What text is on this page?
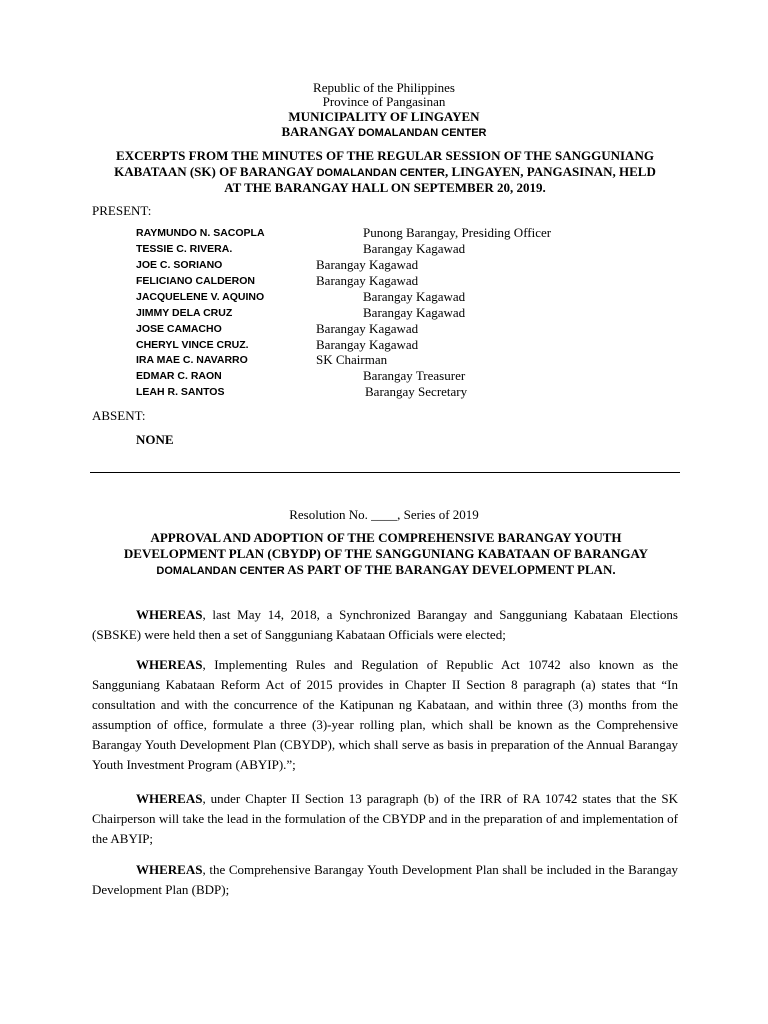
Republic of the Philippines
Province of Pangasinan
MUNICIPALITY OF LINGAYEN
BARANGAY DOMALANDAN CENTER
EXCERPTS FROM THE MINUTES OF THE REGULAR SESSION OF THE SANGGUNIANG
KABATAAN (SK) OF BARANGAY DOMALANDAN CENTER, LINGAYEN, PANGASINAN, HELD
AT THE BARANGAY HALL ON SEPTEMBER 20, 2019.
PRESENT:
RAYMUNDO N. SACOPLA	Punong Barangay, Presiding Officer
TESSIE C. RIVERA.	Barangay Kagawad
JOE C. SORIANO	Barangay Kagawad
FELICIANO CALDERON	Barangay Kagawad
JACQUELENE V. AQUINO	Barangay Kagawad
JIMMY DELA CRUZ	Barangay Kagawad
JOSE CAMACHO	Barangay Kagawad
CHERYL VINCE CRUZ.	Barangay Kagawad
IRA MAE C. NAVARRO	SK Chairman
EDMAR C. RAON	Barangay Treasurer
LEAH R. SANTOS	Barangay Secretary
ABSENT:
NONE
Resolution No. ____, Series of 2019
APPROVAL AND ADOPTION OF THE COMPREHENSIVE BARANGAY YOUTH
DEVELOPMENT PLAN (CBYDP) OF THE SANGGUNIANG KABATAAN OF BARANGAY
DOMALANDAN CENTER AS PART OF THE BARANGAY DEVELOPMENT PLAN.
WHEREAS, last May 14, 2018, a Synchronized Barangay and Sangguniang Kabataan Elections (SBSKE) were held then a set of Sangguniang Kabataan Officials were elected;
WHEREAS, Implementing Rules and Regulation of Republic Act 10742 also known as the Sangguniang Kabataan Reform Act of 2015 provides in Chapter II Section 8 paragraph (a) states that “In consultation and with the concurrence of the Katipunan ng Kabataan, and within three (3) months from the assumption of office, formulate a three (3)-year rolling plan, which shall be known as the Comprehensive Barangay Youth Development Plan (CBYDP), which shall serve as basis in preparation of the Annual Barangay Youth Investment Program (ABYIP).”;
WHEREAS, under Chapter II Section 13 paragraph (b) of the IRR of RA 10742 states that the SK Chairperson will take the lead in the formulation of the CBYDP and in the preparation of and implementation of the ABYIP;
WHEREAS, the Comprehensive Barangay Youth Development Plan shall be included in the Barangay Development Plan (BDP);
